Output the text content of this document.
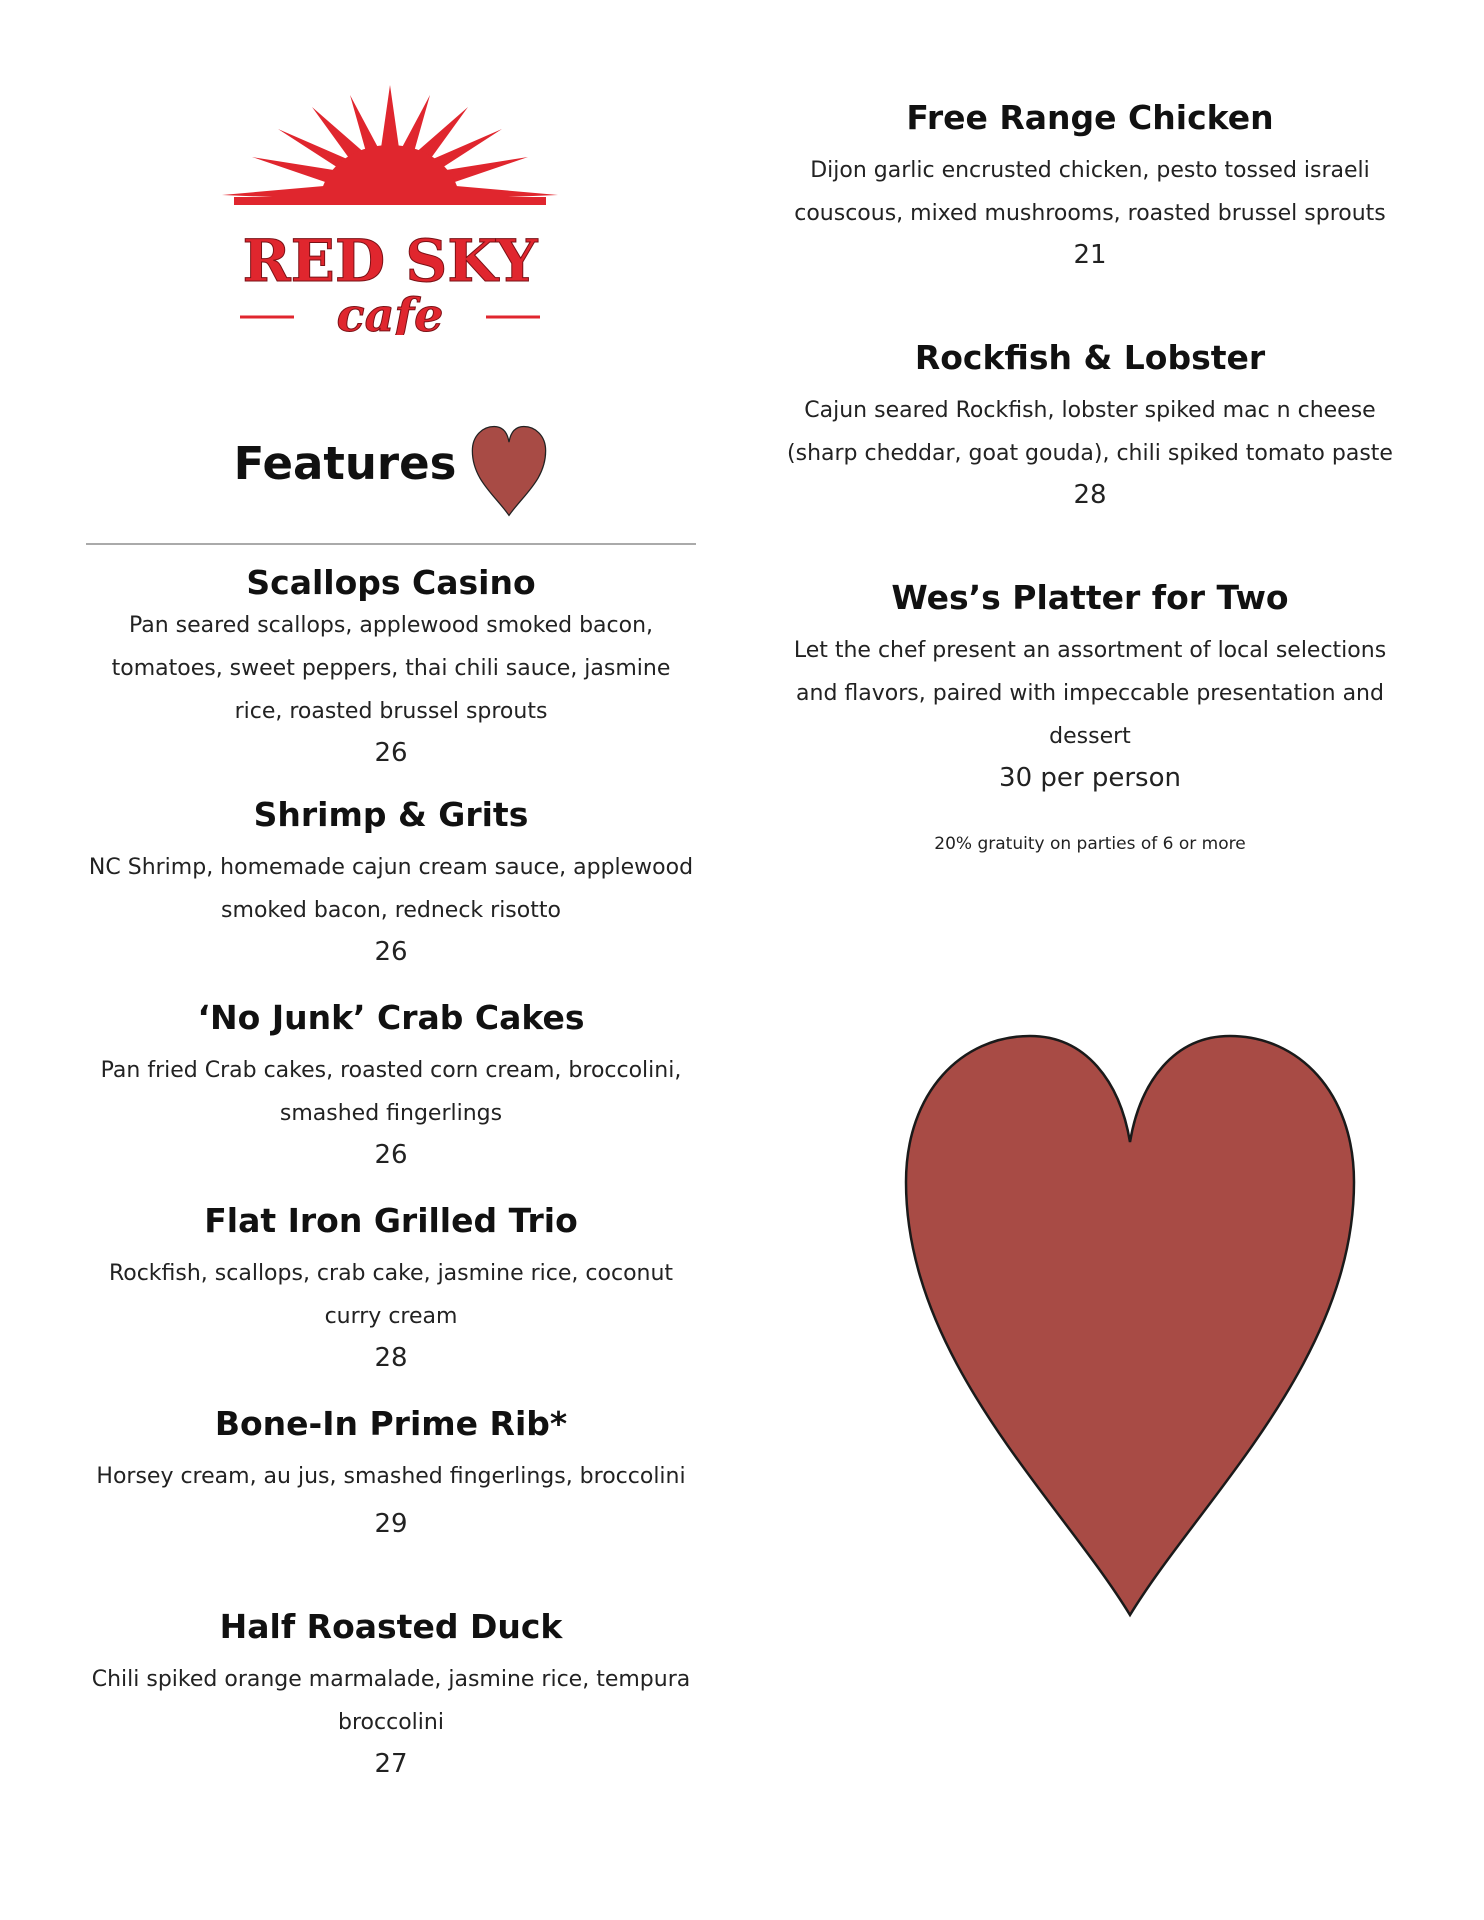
RED SKY
cafe
Features
Scallops Casino

Pan seared scallops, applewood smoked bacon, tomatoes, sweet peppers, thai chili sauce, jasmine rice, roasted brussel sprouts

26

Shrimp & Grits

NC Shrimp, homemade cajun cream sauce, applewood smoked bacon, redneck risotto

26

‘No Junk’ Crab Cakes

Pan fried Crab cakes, roasted corn cream, broccolini, smashed fingerlings

26

Flat Iron Grilled Trio

Rockfish, scallops, crab cake, jasmine rice, coconut curry cream

28

Bone-In Prime Rib*

Horsey cream, au jus, smashed fingerlings, broccolini

29

Half Roasted Duck

Chili spiked orange marmalade, jasmine rice, tempura broccolini

27

Free Range Chicken

Dijon garlic encrusted chicken, pesto tossed israeli couscous, mixed mushrooms, roasted brussel sprouts

21

Rockfish & Lobster

Cajun seared Rockfish, lobster spiked mac n cheese (sharp cheddar, goat gouda), chili spiked tomato paste

28

Wes’s Platter for Two

Let the chef present an assortment of local selections and flavors, paired with impeccable presentation and dessert

30 per person

20% gratuity on parties of 6 or more
